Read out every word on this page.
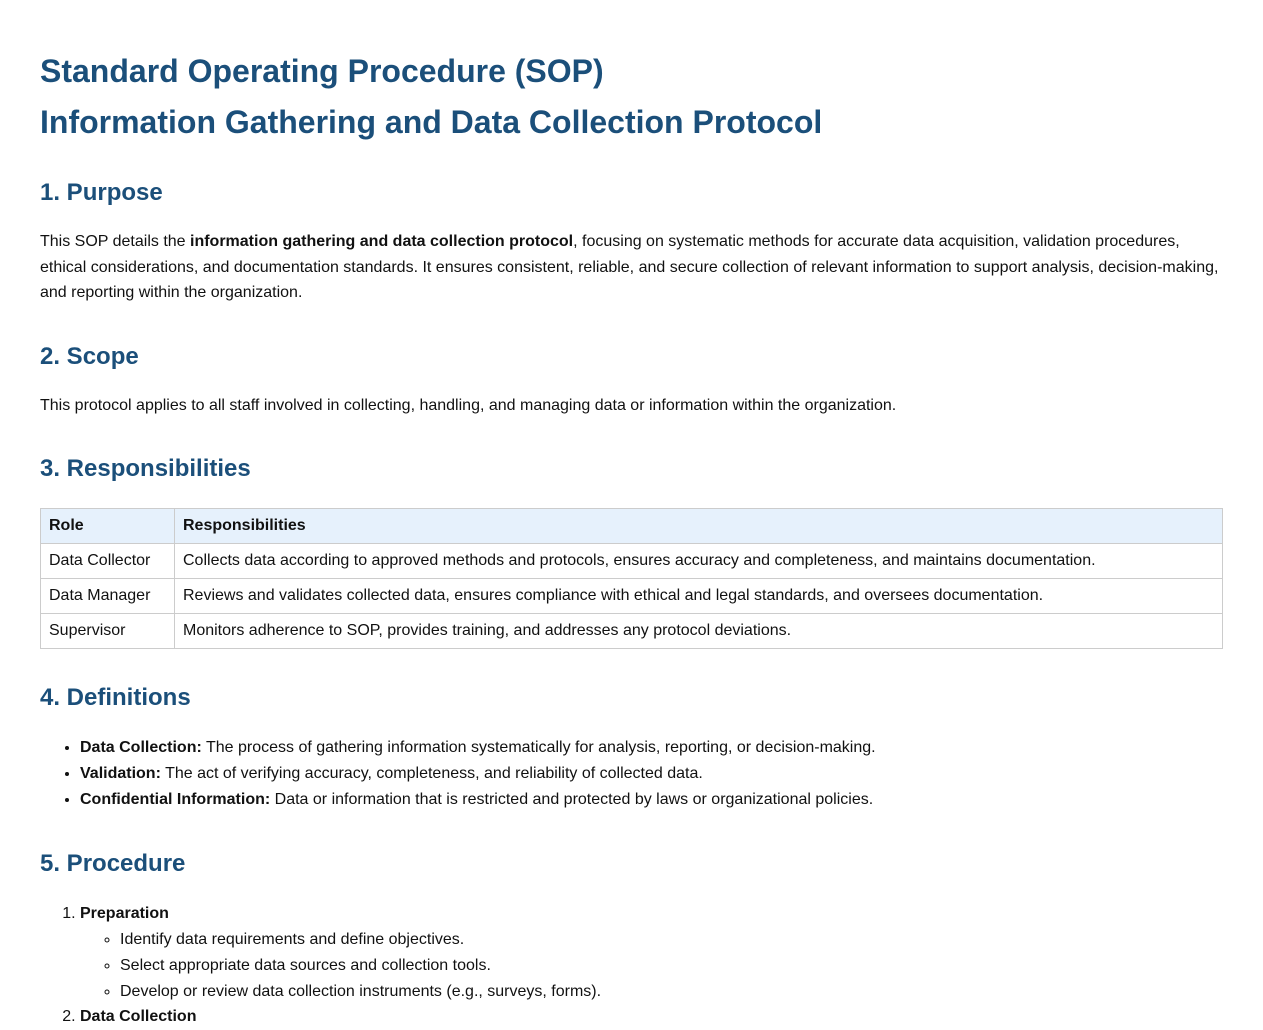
Standard Operating Procedure (SOP)
Information Gathering and Data Collection Protocol
1. Purpose

This SOP details the information gathering and data collection protocol, focusing on systematic methods for accurate data acquisition, validation procedures, ethical considerations, and documentation standards. It ensures consistent, reliable, and secure collection of relevant information to support analysis, decision-making, and reporting within the organization.

2. Scope

This protocol applies to all staff involved in collecting, handling, and managing data or information within the organization.

3. Responsibilities
Role	Responsibilities
Data Collector	Collects data according to approved methods and protocols, ensures accuracy and completeness, and maintains documentation.
Data Manager	Reviews and validates collected data, ensures compliance with ethical and legal standards, and oversees documentation.
Supervisor	Monitors adherence to SOP, provides training, and addresses any protocol deviations.
4. Definitions
• Data Collection: The process of gathering information systematically for analysis, reporting, or decision-making.
• Validation: The act of verifying accuracy, completeness, and reliability of collected data.
• Confidential Information: Data or information that is restricted and protected by laws or organizational policies.
5. Procedure
1. Preparation
◦ Identify data requirements and define objectives.
◦ Select appropriate data sources and collection tools.
◦ Develop or review data collection instruments (e.g., surveys, forms).
2. Data Collection
